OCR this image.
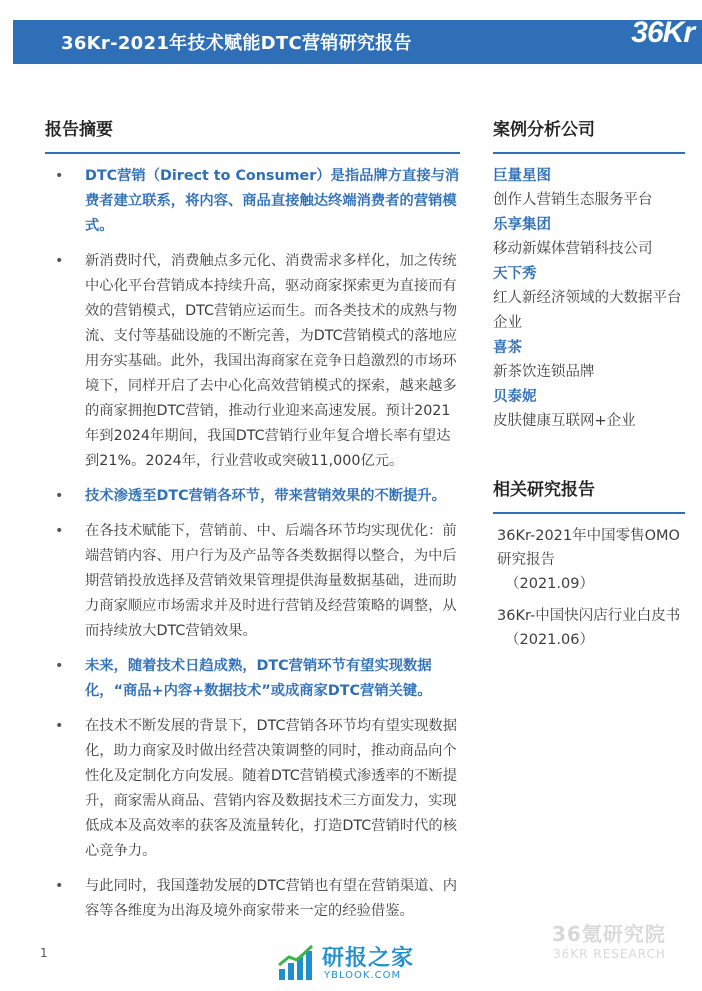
36Kr-2021年技术赋能DTC营销研究报告	36Kr
报告摘要
•	DTC营销（Direct to Consumer）是指品牌方直接与消费者建立联系，将内容、商品直接触达终端消费者的营销模式。
•	新消费时代，消费触点多元化、消费需求多样化，加之传统中心化平台营销成本持续升高，驱动商家探索更为直接而有效的营销模式，DTC营销应运而生。而各类技术的成熟与物流、支付等基础设施的不断完善，为DTC营销模式的落地应用夯实基础。此外，我国出海商家在竞争日趋激烈的市场环境下，同样开启了去中心化高效营销模式的探索，越来越多的商家拥抱DTC营销，推动行业迎来高速发展。预计2021年到2024年期间，我国DTC营销行业年复合增长率有望达到21%。2024年，行业营收或突破11,000亿元。
•	技术渗透至DTC营销各环节，带来营销效果的不断提升。
•	在各技术赋能下，营销前、中、后端各环节均实现优化：前端营销内容、用户行为及产品等各类数据得以整合，为中后期营销投放选择及营销效果管理提供海量数据基础，进而助力商家顺应市场需求并及时进行营销及经营策略的调整，从而持续放大DTC营销效果。
•	未来，随着技术日趋成熟，DTC营销环节有望实现数据化，“商品+内容+数据技术”或成商家DTC营销关键。
•	在技术不断发展的背景下，DTC营销各环节均有望实现数据化，助力商家及时做出经营决策调整的同时，推动商品向个性化及定制化方向发展。随着DTC营销模式渗透率的不断提升，商家需从商品、营销内容及数据技术三方面发力，实现低成本及高效率的获客及流量转化，打造DTC营销时代的核心竞争力。
•	与此同时，我国蓬勃发展的DTC营销也有望在营销渠道、内容等各维度为出海及境外商家带来一定的经验借鉴。
案例分析公司
巨量星图
创作人营销生态服务平台
乐享集团
移动新媒体营销科技公司
天下秀
红人新经济领域的大数据平台企业
喜茶
新茶饮连锁品牌
贝泰妮
皮肤健康互联网+企业
相关研究报告
36Kr-2021年中国零售OMO研究报告
（2021.09）
36Kr-中国快闪店行业白皮书
（2021.06）
1	研报之家
YBLOOK.COM
36氪研究院
36KR RESEARCH
